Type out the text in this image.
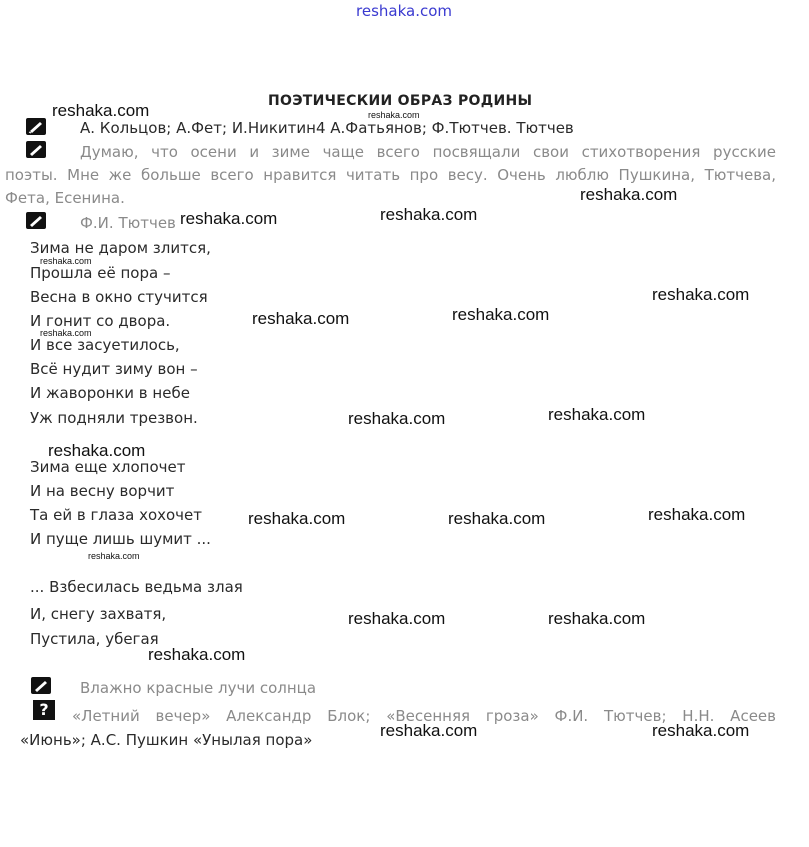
reshaka.com
ПОЭТИЧЕСКИИ ОБРАЗ РОДИНЫ
reshaka.com
А. Кольцов; А.Фет; И.Никитин4 А.Фатьянов; Ф.Тютчев. Тютчев
Думаю, что осени и зиме чаще всего посвящали свои стихотворения русские
поэты. Мне же больше всего нравится читать про весу. Очень люблю Пушкина, Тютчева,
Фета, Есенина.
Ф.И. Тютчев
Зима не даром злится,
Прошла её пора –
Весна в окно стучится
И гонит со двора.
И все засуетилось,
Всё нудит зиму вон –
И жаворонки в небе
Уж подняли трезвон.
Зима еще хлопочет
И на весну ворчит
Та ей в глаза хохочет
И пуще лишь шумит ...
... Взбесилась ведьма злая
И, снегу захватя,
Пустила, убегая
Влажно красные лучи солнца
?	«Летний вечер» Александр Блок; «Весенняя гроза» Ф.И. Тютчев; Н.Н. Асеев
«Июнь»; А.С. Пушкин «Унылая пора»
reshaka.com
reshaka.com
reshaka.com	reshaka.com
reshaka.com
reshaka.com	reshaka.com
reshaka.com	reshaka.com
reshaka.com
reshaka.com	reshaka.com	reshaka.com
reshaka.com	reshaka.com
reshaka.com
reshaka.com	reshaka.com
reshaka.com
reshaka.com
reshaka.com
